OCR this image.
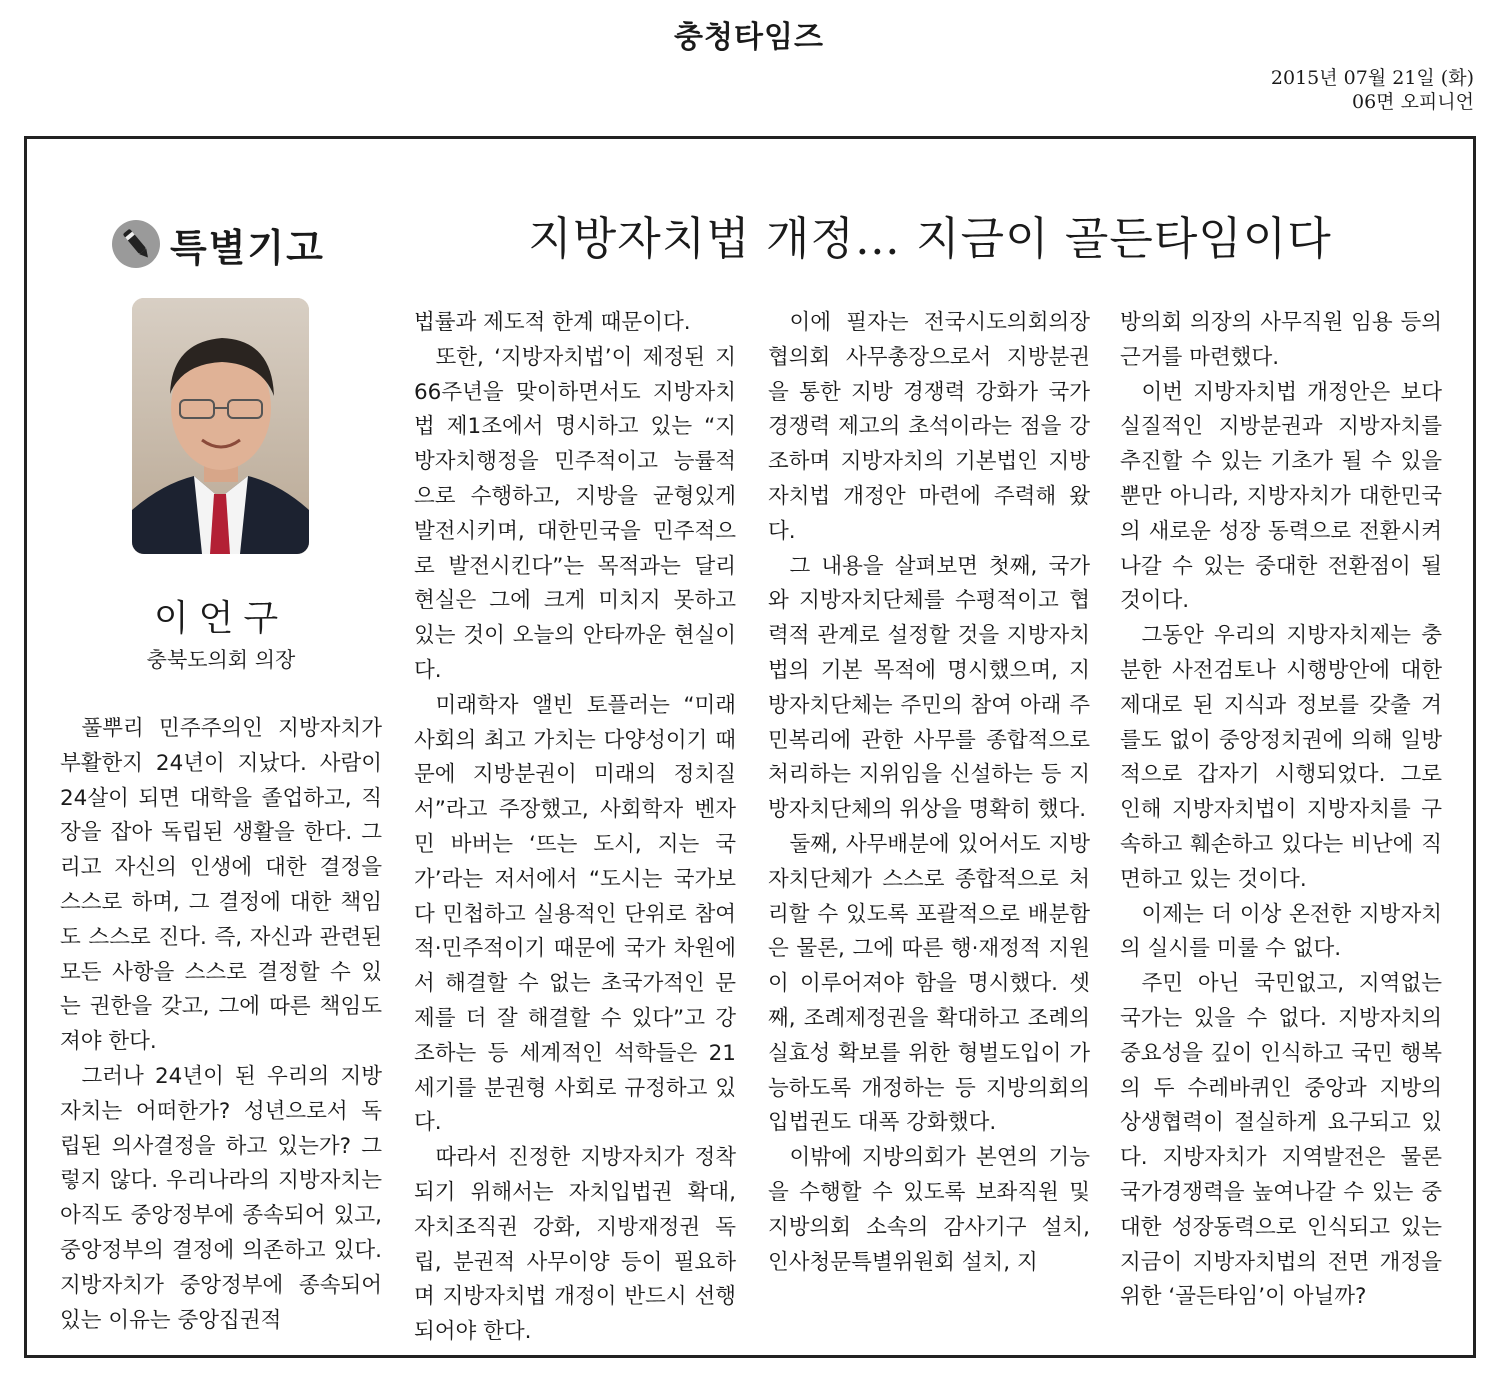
충청타임즈
2015년 07월 21일 (화)
06면 오피니언
특별기고	지방자치법 개정… 지금이 골든타임이다
이언구
충북도의회 의장

풀뿌리 민주주의인 지방자치가 부활한지 24년이 지났다. 사람이 24살이 되면 대학을 졸업하고, 직장을 잡아 독립된 생활을 한다. 그리고 자신의 인생에 대한 결정을 스스로 하며, 그 결정에 대한 책임도 스스로 진다. 즉, 자신과 관련된 모든 사항을 스스로 결정할 수 있는 권한을 갖고, 그에 따른 책임도 져야 한다.

그러나 24년이 된 우리의 지방자치는 어떠한가? 성년으로서 독립된 의사결정을 하고 있는가? 그렇지 않다. 우리나라의 지방자치는 아직도 중앙정부에 종속되어 있고, 중앙정부의 결정에 의존하고 있다. 지방자치가 중앙정부에 종속되어 있는 이유는 중앙집권적

법률과 제도적 한계 때문이다.

또한, ‘지방자치법’이 제정된 지 66주년을 맞이하면서도 지방자치법 제1조에서 명시하고 있는 “지방자치행정을 민주적이고 능률적으로 수행하고, 지방을 균형있게 발전시키며, 대한민국을 민주적으로 발전시킨다”는 목적과는 달리 현실은 그에 크게 미치지 못하고 있는 것이 오늘의 안타까운 현실이다.

미래학자 앨빈 토플러는 “미래사회의 최고 가치는 다양성이기 때문에 지방분권이 미래의 정치질서”라고 주장했고, 사회학자 벤자민 바버는 ‘뜨는 도시, 지는 국가’라는 저서에서 “도시는 국가보다 민첩하고 실용적인 단위로 참여적·민주적이기 때문에 국가 차원에서 해결할 수 없는 초국가적인 문제를 더 잘 해결할 수 있다”고 강조하는 등 세계적인 석학들은 21세기를 분권형 사회로 규정하고 있다.

따라서 진정한 지방자치가 정착되기 위해서는 자치입법권 확대, 자치조직권 강화, 지방재정권 독립, 분권적 사무이양 등이 필요하며 지방자치법 개정이 반드시 선행되어야 한다.

이에 필자는 전국시도의회의장협의회 사무총장으로서 지방분권을 통한 지방 경쟁력 강화가 국가경쟁력 제고의 초석이라는 점을 강조하며 지방자치의 기본법인 지방자치법 개정안 마련에 주력해 왔다.

그 내용을 살펴보면 첫째, 국가와 지방자치단체를 수평적이고 협력적 관계로 설정할 것을 지방자치법의 기본 목적에 명시했으며, 지방자치단체는 주민의 참여 아래 주민복리에 관한 사무를 종합적으로 처리하는 지위임을 신설하는 등 지방자치단체의 위상을 명확히 했다.

둘째, 사무배분에 있어서도 지방자치단체가 스스로 종합적으로 처리할 수 있도록 포괄적으로 배분함은 물론, 그에 따른 행·재정적 지원이 이루어져야 함을 명시했다. 셋째, 조례제정권을 확대하고 조례의 실효성 확보를 위한 형벌도입이 가능하도록 개정하는 등 지방의회의 입법권도 대폭 강화했다.

이밖에 지방의회가 본연의 기능을 수행할 수 있도록 보좌직원 및 지방의회 소속의 감사기구 설치, 인사청문특별위원회 설치, 지

방의회 의장의 사무직원 임용 등의 근거를 마련했다.

이번 지방자치법 개정안은 보다 실질적인 지방분권과 지방자치를 추진할 수 있는 기초가 될 수 있을 뿐만 아니라, 지방자치가 대한민국의 새로운 성장 동력으로 전환시켜 나갈 수 있는 중대한 전환점이 될 것이다.

그동안 우리의 지방자치제는 충분한 사전검토나 시행방안에 대한 제대로 된 지식과 정보를 갖출 겨를도 없이 중앙정치권에 의해 일방적으로 갑자기 시행되었다. 그로 인해 지방자치법이 지방자치를 구속하고 훼손하고 있다는 비난에 직면하고 있는 것이다.

이제는 더 이상 온전한 지방자치의 실시를 미룰 수 없다.

주민 아닌 국민없고, 지역없는 국가는 있을 수 없다. 지방자치의 중요성을 깊이 인식하고 국민 행복의 두 수레바퀴인 중앙과 지방의 상생협력이 절실하게 요구되고 있다. 지방자치가 지역발전은 물론 국가경쟁력을 높여나갈 수 있는 중대한 성장동력으로 인식되고 있는 지금이 지방자치법의 전면 개정을 위한 ‘골든타임’이 아닐까?
